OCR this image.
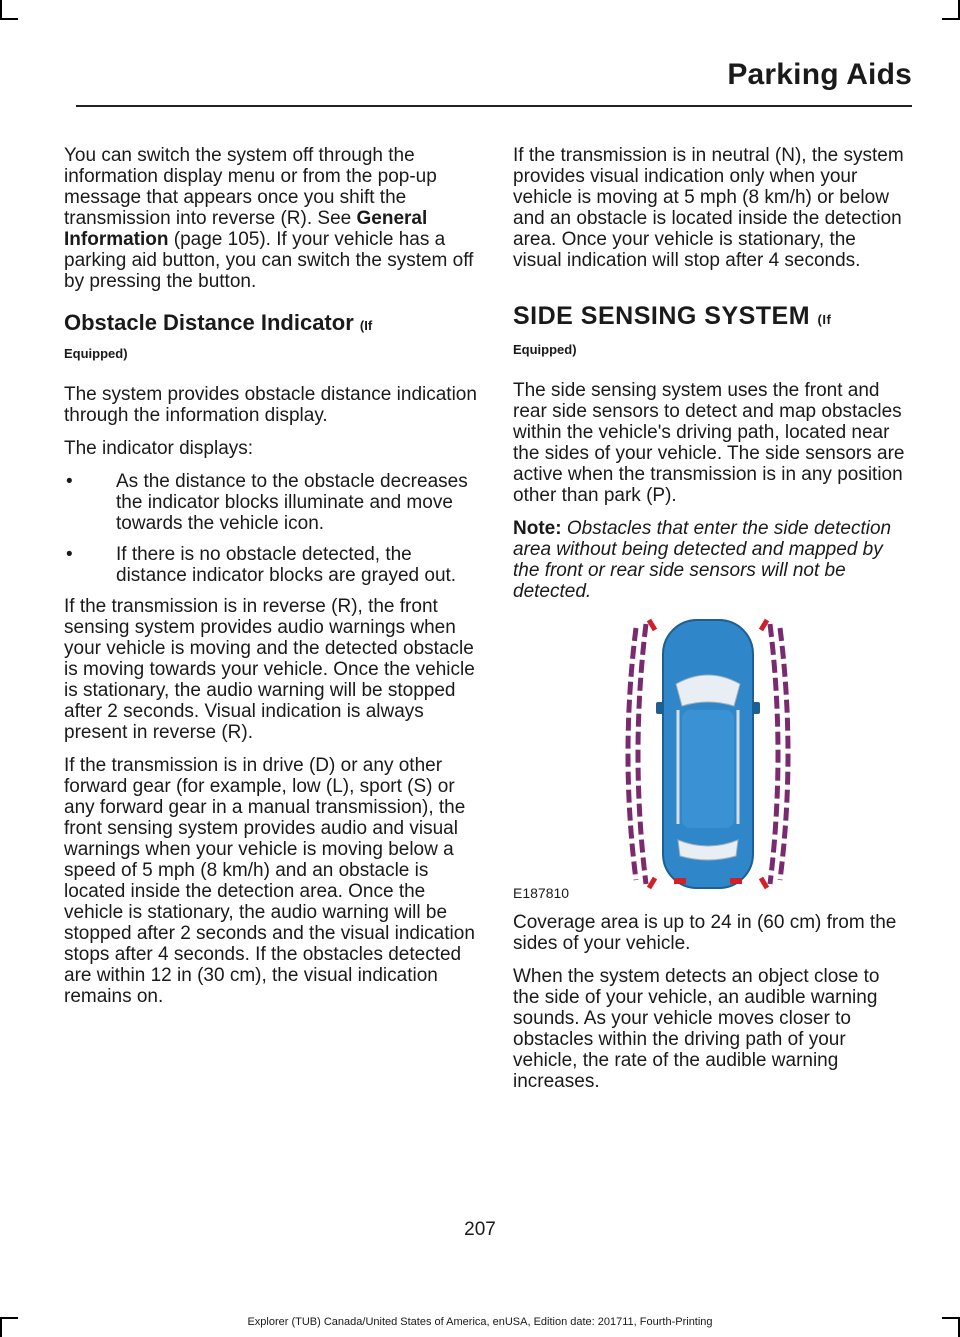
Parking Aids

You can switch the system off through the information display menu or from the pop-up message that appears once you shift the transmission into reverse (R). See General Information (page 105). If your vehicle has a parking aid button, you can switch the system off by pressing the button.

Obstacle Distance Indicator (If
Equipped)

The system provides obstacle distance indication through the information display.

The indicator displays:

• As the distance to the obstacle decreases the indicator blocks illuminate and move towards the vehicle icon.
• If there is no obstacle detected, the distance indicator blocks are grayed out.

If the transmission is in reverse (R), the front sensing system provides audio warnings when your vehicle is moving and the detected obstacle is moving towards your vehicle. Once the vehicle is stationary, the audio warning will be stopped after 2 seconds. Visual indication is always present in reverse (R).

If the transmission is in drive (D) or any other forward gear (for example, low (L), sport (S) or any forward gear in a manual transmission), the front sensing system provides audio and visual warnings when your vehicle is moving below a speed of 5 mph (8 km/h) and an obstacle is located inside the detection area. Once the vehicle is stationary, the audio warning will be stopped after 2 seconds and the visual indication stops after 4 seconds. If the obstacles detected are within 12 in (30 cm), the visual indication remains on.

If the transmission is in neutral (N), the system provides visual indication only when your vehicle is moving at 5 mph (8 km/h) or below and an obstacle is located inside the detection area. Once your vehicle is stationary, the visual indication will stop after 4 seconds.

SIDE SENSING SYSTEM (If
Equipped)

The side sensing system uses the front and rear side sensors to detect and map obstacles within the vehicle's driving path, located near the sides of your vehicle. The side sensors are active when the transmission is in any position other than park (P).

Note: Obstacles that enter the side detection area without being detected and mapped by the front or rear side sensors will not be detected.

E187810

Coverage area is up to 24 in (60 cm) from the sides of your vehicle.

When the system detects an object close to the side of your vehicle, an audible warning sounds. As your vehicle moves closer to obstacles within the driving path of your vehicle, the rate of the audible warning increases.

207
Explorer (TUB) Canada/United States of America, enUSA, Edition date: 201711, Fourth-Printing
